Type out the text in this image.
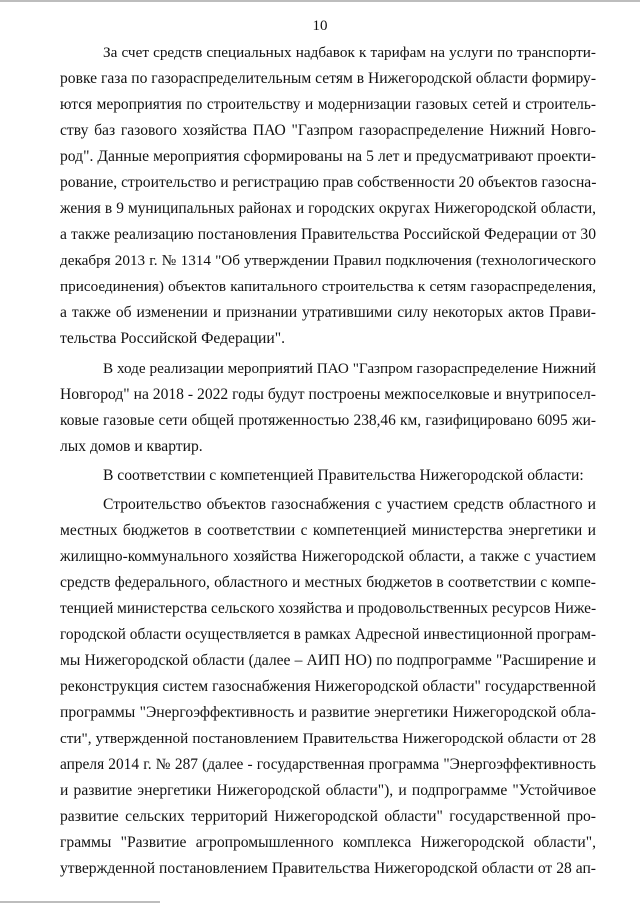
10
За счет средств специальных надбавок к тарифам на услуги по транспорти-
ровке газа по газораспределительным сетям в Нижегородской области формиру-
ются мероприятия по строительству и модернизации газовых сетей и строитель-
ству баз газового хозяйства ПАО "Газпром газораспределение Нижний Новго-
род". Данные мероприятия сформированы на 5 лет и предусматривают проекти-
рование, строительство и регистрацию прав собственности 20 объектов газосна-
жения в 9 муниципальных районах и городских округах Нижегородской области,
а также реализацию постановления Правительства Российской Федерации от 30
декабря 2013 г. № 1314 "Об утверждении Правил подключения (технологического
присоединения) объектов капитального строительства к сетям газораспределения,
а также об изменении и признании утратившими силу некоторых актов Прави-
тельства Российской Федерации".
В ходе реализации мероприятий ПАО "Газпром газораспределение Нижний
Новгород" на 2018 - 2022 годы будут построены межпоселковые и внутрипосел-
ковые газовые сети общей протяженностью 238,46 км, газифицировано 6095 жи-
лых домов и квартир.
В соответствии с компетенцией Правительства Нижегородской области:
Строительство объектов газоснабжения с участием средств областного и
местных бюджетов в соответствии с компетенцией министерства энергетики и
жилищно-коммунального хозяйства Нижегородской области, а также с участием
средств федерального, областного и местных бюджетов в соответствии с компе-
тенцией министерства сельского хозяйства и продовольственных ресурсов Ниже-
городской области осуществляется в рамках Адресной инвестиционной програм-
мы Нижегородской области (далее – АИП НО) по подпрограмме "Расширение и
реконструкция систем газоснабжения Нижегородской области" государственной
программы "Энергоэффективность и развитие энергетики Нижегородской обла-
сти", утвержденной постановлением Правительства Нижегородской области от 28
апреля 2014 г. № 287 (далее - государственная программа "Энергоэффективность
и развитие энергетики Нижегородской области"), и подпрограмме "Устойчивое
развитие сельских территорий Нижегородской области" государственной про-
граммы "Развитие агропромышленного комплекса Нижегородской области",
утвержденной постановлением Правительства Нижегородской области от 28 ап-
